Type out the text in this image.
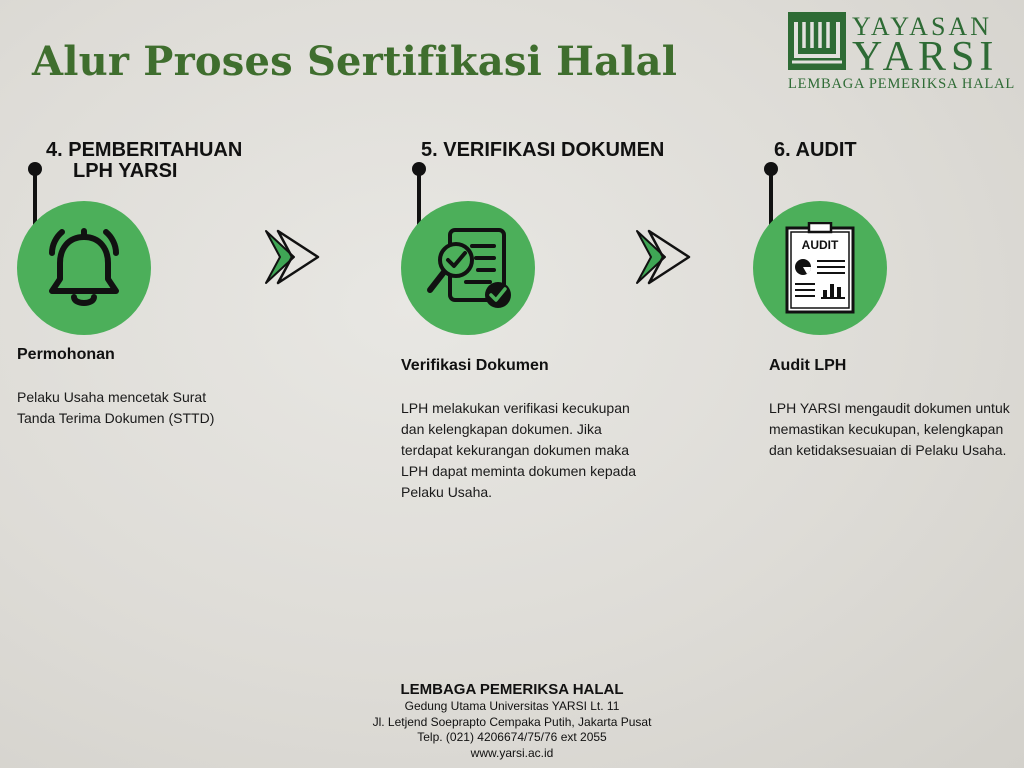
Alur Proses Sertifikasi Halal
YAYASAN
YARSI
LEMBAGA PEMERIKSA HALAL
4. PEMBERITAHUAN
LPH YARSI
Permohonan
Pelaku Usaha mencetak Surat Tanda Terima Dokumen (STTD)
5. VERIFIKASI DOKUMEN
Verifikasi Dokumen
LPH melakukan verifikasi kecukupan dan kelengkapan dokumen. Jika terdapat kekurangan dokumen maka LPH dapat meminta dokumen kepada Pelaku Usaha.
6. AUDIT
AUDIT
Audit LPH
LPH YARSI mengaudit dokumen untuk memastikan kecukupan, kelengkapan dan ketidaksesuaian di Pelaku Usaha.
LEMBAGA PEMERIKSA HALAL
Gedung Utama Universitas YARSI Lt. 11
Jl. Letjend Soeprapto Cempaka Putih, Jakarta Pusat
Telp. (021) 4206674/75/76 ext 2055
www.yarsi.ac.id
